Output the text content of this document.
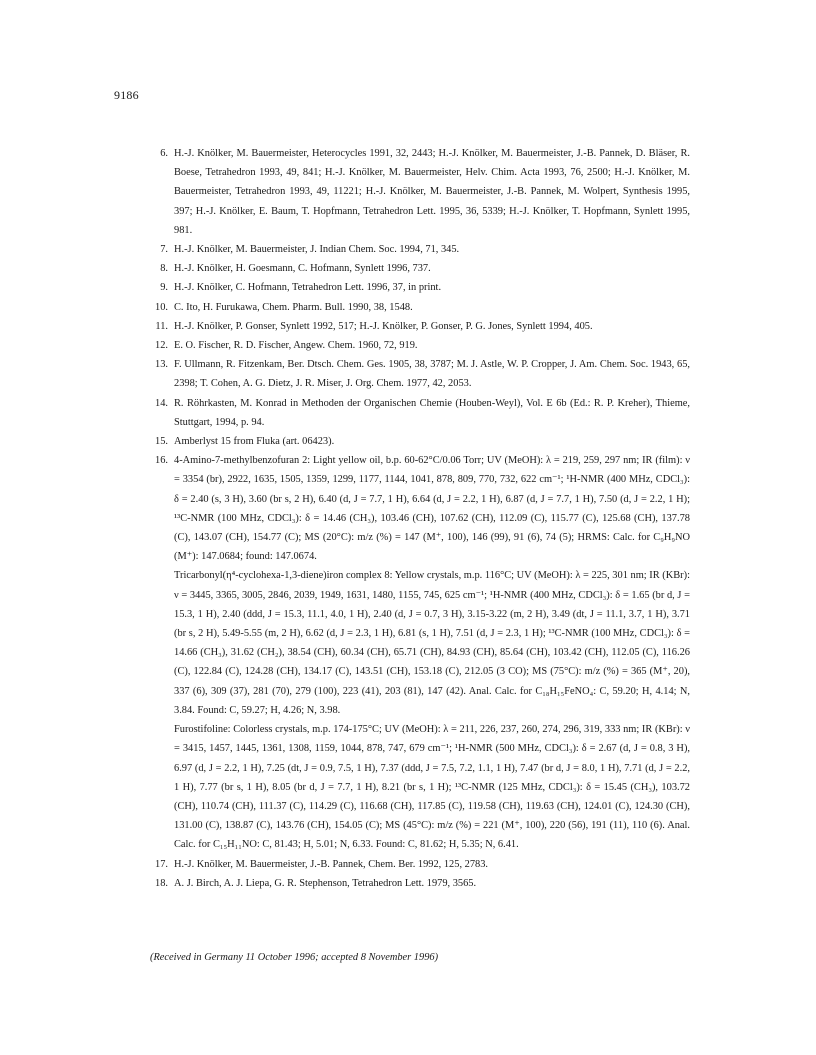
9186
6. H.-J. Knölker, M. Bauermeister, Heterocycles 1991, 32, 2443; H.-J. Knölker, M. Bauermeister, J.-B. Pannek, D. Bläser, R. Boese, Tetrahedron 1993, 49, 841; H.-J. Knölker, M. Bauermeister, Helv. Chim. Acta 1993, 76, 2500; H.-J. Knölker, M. Bauermeister, Tetrahedron 1993, 49, 11221; H.-J. Knölker, M. Bauermeister, J.-B. Pannek, M. Wolpert, Synthesis 1995, 397; H.-J. Knölker, E. Baum, T. Hopfmann, Tetrahedron Lett. 1995, 36, 5339; H.-J. Knölker, T. Hopfmann, Synlett 1995, 981.

7. H.-J. Knölker, M. Bauermeister, J. Indian Chem. Soc. 1994, 71, 345.

8. H.-J. Knölker, H. Goesmann, C. Hofmann, Synlett 1996, 737.

9. H.-J. Knölker, C. Hofmann, Tetrahedron Lett. 1996, 37, in print.

10. C. Ito, H. Furukawa, Chem. Pharm. Bull. 1990, 38, 1548.

11. H.-J. Knölker, P. Gonser, Synlett 1992, 517; H.-J. Knölker, P. Gonser, P. G. Jones, Synlett 1994, 405.

12. E. O. Fischer, R. D. Fischer, Angew. Chem. 1960, 72, 919.

13. F. Ullmann, R. Fitzenkam, Ber. Dtsch. Chem. Ges. 1905, 38, 3787; M. J. Astle, W. P. Cropper, J. Am. Chem. Soc. 1943, 65, 2398; T. Cohen, A. G. Dietz, J. R. Miser, J. Org. Chem. 1977, 42, 2053.

14. R. Röhrkasten, M. Konrad in Methoden der Organischen Chemie (Houben-Weyl), Vol. E 6b (Ed.: R. P. Kreher), Thieme, Stuttgart, 1994, p. 94.

15. Amberlyst 15 from Fluka (art. 06423).

16. 4-Amino-7-methylbenzofuran 2: Light yellow oil, b.p. 60-62°C/0.06 Torr; UV (MeOH): λ = 219, 259, 297 nm; IR (film): ν = 3354 (br), 2922, 1635, 1505, 1359, 1299, 1177, 1144, 1041, 878, 809, 770, 732, 622 cm⁻¹; ¹H-NMR (400 MHz, CDCl₃): δ = 2.40 (s, 3 H), 3.60 (br s, 2 H), 6.40 (d, J = 7.7, 1 H), 6.64 (d, J = 2.2, 1 H), 6.87 (d, J = 7.7, 1 H), 7.50 (d, J = 2.2, 1 H); ¹³C-NMR (100 MHz, CDCl₃): δ = 14.46 (CH₃), 103.46 (CH), 107.62 (CH), 112.09 (C), 115.77 (C), 125.68 (CH), 137.78 (C), 143.07 (CH), 154.77 (C); MS (20°C): m/z (%) = 147 (M⁺, 100), 146 (99), 91 (6), 74 (5); HRMS: Calc. for C₉H₉NO (M⁺): 147.0684; found: 147.0674.

Tricarbonyl(η⁴-cyclohexa-1,3-diene)iron complex 8: Yellow crystals, m.p. 116°C; UV (MeOH): λ = 225, 301 nm; IR (KBr): ν = 3445, 3365, 3005, 2846, 2039, 1949, 1631, 1480, 1155, 745, 625 cm⁻¹; ¹H-NMR (400 MHz, CDCl₃): δ = 1.65 (br d, J = 15.3, 1 H), 2.40 (ddd, J = 15.3, 11.1, 4.0, 1 H), 2.40 (d, J = 0.7, 3 H), 3.15-3.22 (m, 2 H), 3.49 (dt, J = 11.1, 3.7, 1 H), 3.71 (br s, 2 H), 5.49-5.55 (m, 2 H), 6.62 (d, J = 2.3, 1 H), 6.81 (s, 1 H), 7.51 (d, J = 2.3, 1 H); ¹³C-NMR (100 MHz, CDCl₃): δ = 14.66 (CH₃), 31.62 (CH₂), 38.54 (CH), 60.34 (CH), 65.71 (CH), 84.93 (CH), 85.64 (CH), 103.42 (CH), 112.05 (C), 116.26 (C), 122.84 (C), 124.28 (CH), 134.17 (C), 143.51 (CH), 153.18 (C), 212.05 (3 CO); MS (75°C): m/z (%) = 365 (M⁺, 20), 337 (6), 309 (37), 281 (70), 279 (100), 223 (41), 203 (81), 147 (42). Anal. Calc. for C₁₈H₁₅FeNO₄: C, 59.20; H, 4.14; N, 3.84. Found: C, 59.27; H, 4.26; N, 3.98.

Furostifoline: Colorless crystals, m.p. 174-175°C; UV (MeOH): λ = 211, 226, 237, 260, 274, 296, 319, 333 nm; IR (KBr): ν = 3415, 1457, 1445, 1361, 1308, 1159, 1044, 878, 747, 679 cm⁻¹; ¹H-NMR (500 MHz, CDCl₃): δ = 2.67 (d, J = 0.8, 3 H), 6.97 (d, J = 2.2, 1 H), 7.25 (dt, J = 0.9, 7.5, 1 H), 7.37 (ddd, J = 7.5, 7.2, 1.1, 1 H), 7.47 (br d, J = 8.0, 1 H), 7.71 (d, J = 2.2, 1 H), 7.77 (br s, 1 H), 8.05 (br d, J = 7.7, 1 H), 8.21 (br s, 1 H); ¹³C-NMR (125 MHz, CDCl₃): δ = 15.45 (CH₃), 103.72 (CH), 110.74 (CH), 111.37 (C), 114.29 (C), 116.68 (CH), 117.85 (C), 119.58 (CH), 119.63 (CH), 124.01 (C), 124.30 (CH), 131.00 (C), 138.87 (C), 143.76 (CH), 154.05 (C); MS (45°C): m/z (%) = 221 (M⁺, 100), 220 (56), 191 (11), 110 (6). Anal. Calc. for C₁₅H₁₁NO: C, 81.43; H, 5.01; N, 6.33. Found: C, 81.62; H, 5.35; N, 6.41.

17. H.-J. Knölker, M. Bauermeister, J.-B. Pannek, Chem. Ber. 1992, 125, 2783.

18. A. J. Birch, A. J. Liepa, G. R. Stephenson, Tetrahedron Lett. 1979, 3565.

(Received in Germany 11 October 1996; accepted 8 November 1996)
